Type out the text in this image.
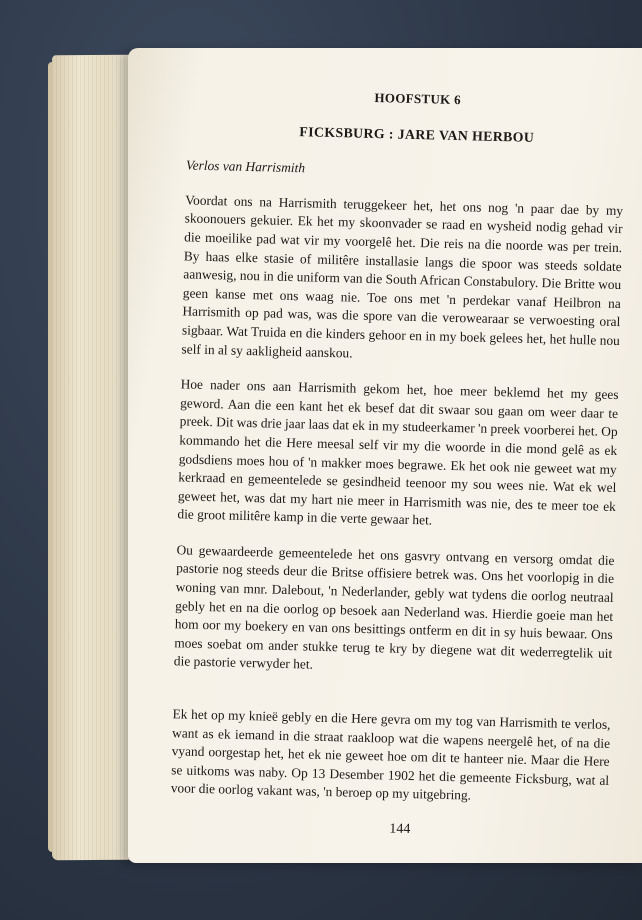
HOOFSTUK 6
FICKSBURG : JARE VAN HERBOU
Verlos van Harrismith

Voordat ons na Harrismith teruggekeer het, het ons nog 'n paar dae by my skoonouers gekuier. Ek het my skoonvader se raad en wysheid nodig gehad vir die moeilike pad wat vir my voorgelê het. Die reis na die noorde was per trein. By haas elke stasie of militêre installasie langs die spoor was steeds soldate aanwesig, nou in die uniform van die South African Constabulory. Die Britte wou geen kanse met ons waag nie. Toe ons met 'n perdekar vanaf Heilbron na Harrismith op pad was, was die spore van die verowearaar se verwoesting oral sigbaar. Wat Truida en die kinders gehoor en in my boek gelees het, het hulle nou self in al sy aakligheid aanskou.

Hoe nader ons aan Harrismith gekom het, hoe meer beklemd het my gees geword. Aan die een kant het ek besef dat dit swaar sou gaan om weer daar te preek. Dit was drie jaar laas dat ek in my studeerkamer 'n preek voorberei het. Op kommando het die Here meesal self vir my die woorde in die mond gelê as ek godsdiens moes hou of 'n makker moes begrawe. Ek het ook nie geweet wat my kerkraad en gemeentelede se gesindheid teenoor my sou wees nie. Wat ek wel geweet het, was dat my hart nie meer in Harrismith was nie, des te meer toe ek die groot militêre kamp in die verte gewaar het.

Ou gewaardeerde gemeentelede het ons gasvry ontvang en versorg omdat die pastorie nog steeds deur die Britse offisiere betrek was. Ons het voorlopig in die woning van mnr. Dalebout, 'n Nederlander, gebly wat tydens die oorlog neutraal gebly het en na die oorlog op besoek aan Nederland was. Hierdie goeie man het hom oor my boekery en van ons besittings ontferm en dit in sy huis bewaar. Ons moes soebat om ander stukke terug te kry by diegene wat dit wederregtelik uit die pastorie verwyder het.

Ek het op my knieë gebly en die Here gevra om my tog van Harrismith te verlos, want as ek iemand in die straat raakloop wat die wapens neergelê het, of na die vyand oorgestap het, het ek nie geweet hoe om dit te hanteer nie. Maar die Here se uitkoms was naby. Op 13 Desember 1902 het die gemeente Ficksburg, wat al voor die oorlog vakant was, 'n beroep op my uitgebring.

144
